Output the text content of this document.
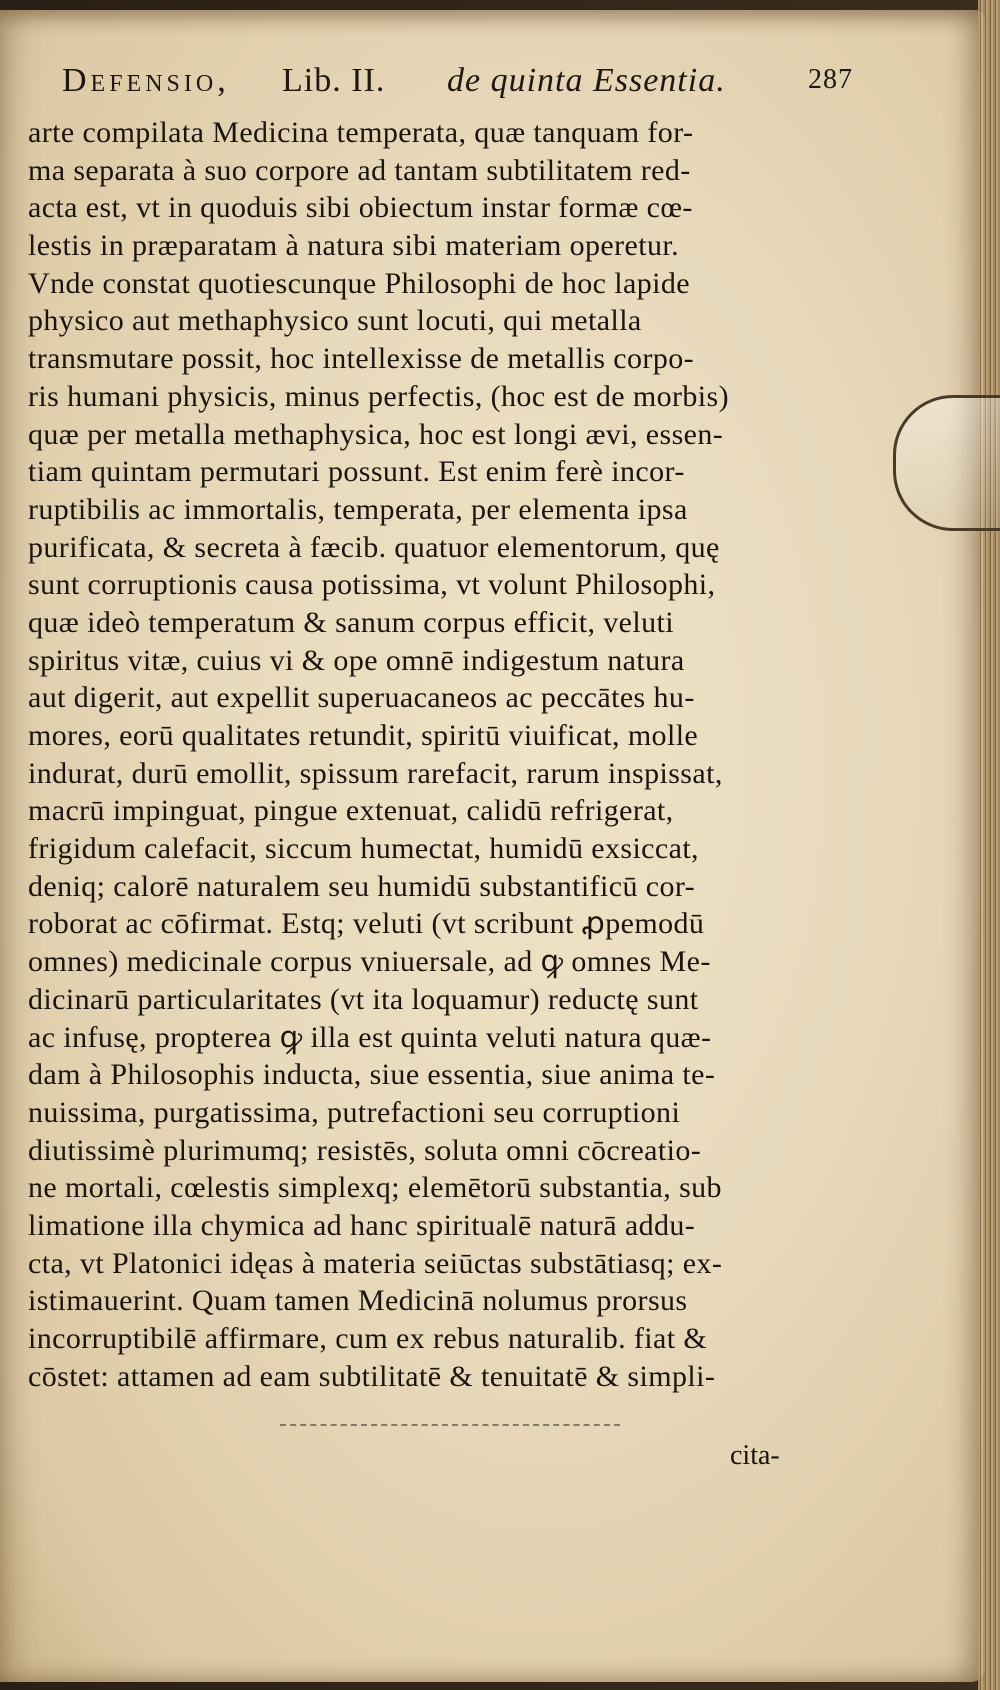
Defensio, Lib. II. de quinta Essentia.	287
arte compilata Medicina temperata, quæ tanquam for-
ma separata à suo corpore ad tantam subtilitatem red-
acta est, vt in quoduis sibi obiectum instar formæ cœ-
lestis in præparatam à natura sibi materiam operetur.
Vnde constat quotiescunque Philosophi de hoc lapide
physico aut methaphysico sunt locuti, qui metalla
transmutare possit, hoc intellexisse de metallis corpo-
ris humani physicis, minus perfectis, (hoc est de morbis)
quæ per metalla methaphysica, hoc est longi ævi, essen-
tiam quintam permutari possunt. Est enim ferè incor-
ruptibilis ac immortalis, temperata, per elementa ipsa
purificata, & secreta à fæcib. quatuor elementorum, quę
sunt corruptionis causa potissima, vt volunt Philosophi,
quæ ideò temperatum & sanum corpus efficit, veluti
spiritus vitæ, cuius vi & ope omnē indigestum natura
aut digerit, aut expellit superuacaneos ac peccātes hu-
mores, eorū qualitates retundit, spiritū viuificat, molle
indurat, durū emollit, spissum rarefacit, rarum inspissat,
macrū impinguat, pingue extenuat, calidū refrigerat,
frigidum calefacit, siccum humectat, humidū exsiccat,
deniq; calorē naturalem seu humidū substantificū cor-
roborat ac cōfirmat. Estq; veluti (vt scribunt ꝓpemodū
omnes) medicinale corpus vniuersale, ad ꝙ omnes Me-
dicinarū particularitates (vt ita loquamur) reductę sunt
ac infusę, propterea ꝙ illa est quinta veluti natura quæ-
dam à Philosophis inducta, siue essentia, siue anima te-
nuissima, purgatissima, putrefactioni seu corruptioni
diutissimè plurimumq; resistēs, soluta omni cōcreatio-
ne mortali, cœlestis simplexq; elemētorū substantia, sub
limatione illa chymica ad hanc spiritualē naturā addu-
cta, vt Platonici idęas à materia seiūctas substātiasq; ex-
istimauerint. Quam tamen Medicinā nolumus prorsus
incorruptibilē affirmare, cum ex rebus naturalib. fiat &
cōstet: attamen ad eam subtilitatē & tenuitatē & simpli-
cita-
